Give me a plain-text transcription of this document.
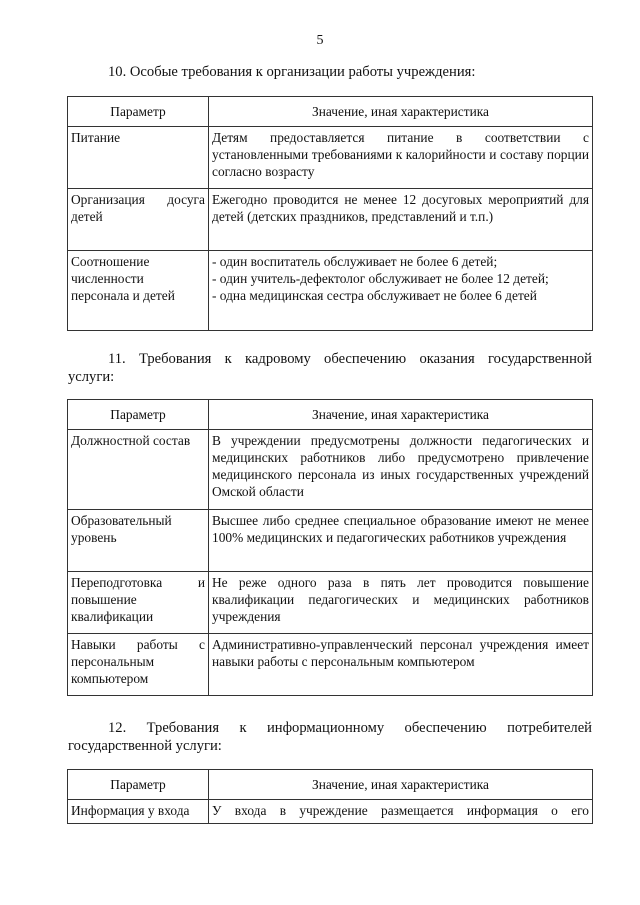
5
10. Особые требования к организации работы учреждения:
Параметр	Значение, иная характеристика
Питание	Детям предоставляется питание в соответствии с установленными требованиями к калорийности и составу порции согласно возрасту
Организация досуга детей	Ежегодно проводится не менее 12 досуговых мероприятий для детей (детских праздников, представлений и т.п.)
Соотношение численности персонала и детей	- один воспитатель обслуживает не более 6 детей;
- один учитель-дефектолог обслуживает не более 12 детей;
- одна медицинская сестра обслуживает не более 6 детей
11. Требования к кадровому обеспечению оказания государственной
услуги:
Параметр	Значение, иная характеристика
Должностной состав	В учреждении предусмотрены должности педагогических и медицинских работников либо предусмотрено привлечение медицинского персонала из иных государственных учреждений Омской области
Образовательный уровень	Высшее либо среднее специальное образование имеют не менее 100% медицинских и педагогических работников учреждения
Переподготовка и повышение квалификации	Не реже одного раза в пять лет проводится повышение квалификации педагогических и медицинских работников учреждения
Навыки работы с персональным компьютером	Административно-управленческий персонал учреждения имеет навыки работы с персональным компьютером
12. Требования к информационному обеспечению потребителей
государственной услуги:
Параметр	Значение, иная характеристика
Информация у входа	У входа в учреждение размещается информация о его
